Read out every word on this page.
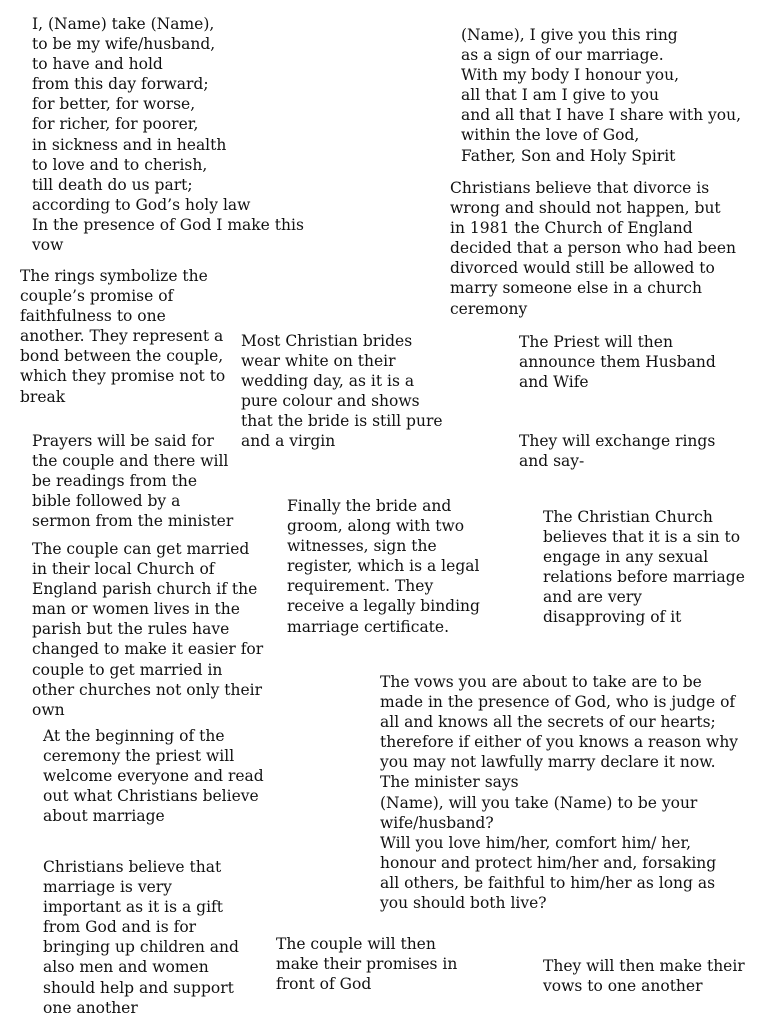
I, (Name) take (Name),
to be my wife/husband,
to have and hold
from this day forward;
for better, for worse,
for richer, for poorer,
in sickness and in health
to love and to cherish,
till death do us part;
according to God’s holy law
In the presence of God I make this
vow

(Name), I give you this ring
as a sign of our marriage.
With my body I honour you,
all that I am I give to you
and all that I have I share with you,
within the love of God,
Father, Son and Holy Spirit

Christians believe that divorce is
wrong and should not happen, but
in 1981 the Church of England
decided that a person who had been
divorced would still be allowed to
marry someone else in a church
ceremony

The rings symbolize the
couple’s promise of
faithfulness to one
another. They represent a
bond between the couple,
which they promise not to
break

Most Christian brides
wear white on their
wedding day, as it is a
pure colour and shows
that the bride is still pure
and a virgin

The Priest will then
announce them Husband
and Wife

Prayers will be said for
the couple and there will
be readings from the
bible followed by a
sermon from the minister

They will exchange rings
and say-

Finally the bride and
groom, along with two
witnesses, sign the
register, which is a legal
requirement. They
receive a legally binding
marriage certificate.

The Christian Church
believes that it is a sin to
engage in any sexual
relations before marriage
and are very
disapproving of it

The couple can get married
in their local Church of
England parish church if the
man or women lives in the
parish but the rules have
changed to make it easier for
couple to get married in
other churches not only their
own

The vows you are about to take are to be
made in the presence of God, who is judge of
all and knows all the secrets of our hearts;
therefore if either of you knows a reason why
you may not lawfully marry declare it now.
The minister says
(Name), will you take (Name) to be your
wife/husband?
Will you love him/her, comfort him/ her,
honour and protect him/her and, forsaking
all others, be faithful to him/her as long as
you should both live?

At the beginning of the
ceremony the priest will
welcome everyone and read
out what Christians believe
about marriage

Christians believe that
marriage is very
important as it is a gift
from God and is for
bringing up children and
also men and women
should help and support
one another

The couple will then
make their promises in
front of God

They will then make their
vows to one another
